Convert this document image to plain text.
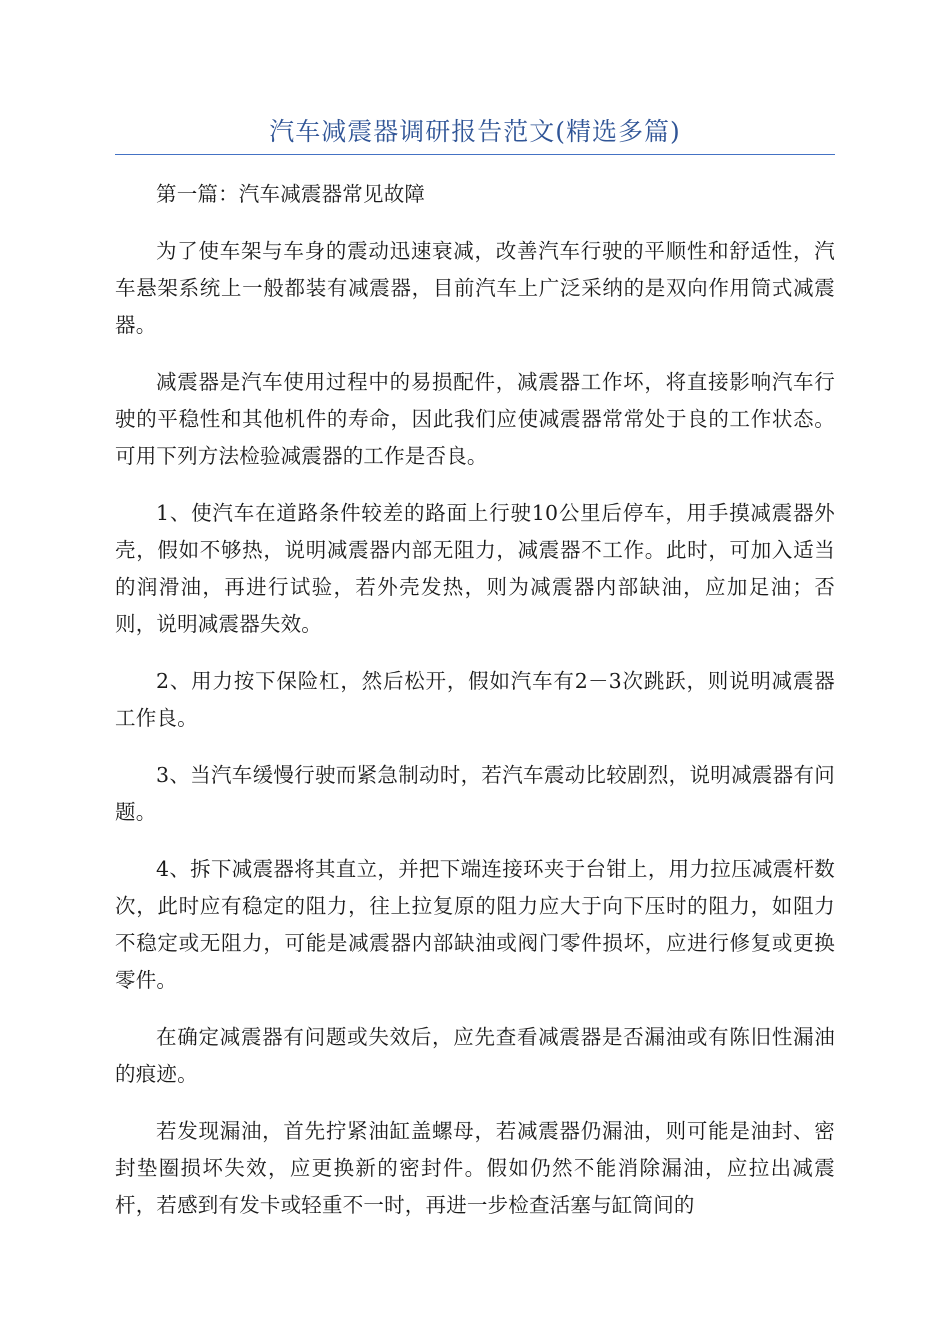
汽车减震器调研报告范文(精选多篇)

第一篇：汽车减震器常见故障

为了使车架与车身的震动迅速衰减，改善汽车行驶的平顺性和舒适性，汽车悬架系统上一般都装有减震器，目前汽车上广泛采纳的是双向作用筒式减震器。

减震器是汽车使用过程中的易损配件，减震器工作坏，将直接影响汽车行驶的平稳性和其他机件的寿命，因此我们应使减震器常常处于良的工作状态。可用下列方法检验减震器的工作是否良。

1、使汽车在道路条件较差的路面上行驶10公里后停车，用手摸减震器外壳，假如不够热，说明减震器内部无阻力，减震器不工作。此时，可加入适当的润滑油，再进行试验，若外壳发热，则为减震器内部缺油，应加足油；否则，说明减震器失效。

2、用力按下保险杠，然后松开，假如汽车有2－3次跳跃，则说明减震器工作良。

3、当汽车缓慢行驶而紧急制动时，若汽车震动比较剧烈，说明减震器有问题。

4、拆下减震器将其直立，并把下端连接环夹于台钳上，用力拉压减震杆数次，此时应有稳定的阻力，往上拉复原的阻力应大于向下压时的阻力，如阻力不稳定或无阻力，可能是减震器内部缺油或阀门零件损坏，应进行修复或更换零件。

在确定减震器有问题或失效后，应先查看减震器是否漏油或有陈旧性漏油的痕迹。

若发现漏油，首先拧紧油缸盖螺母，若减震器仍漏油，则可能是油封、密封垫圈损坏失效，应更换新的密封件。假如仍然不能消除漏油，应拉出减震杆，若感到有发卡或轻重不一时，再进一步检查活塞与缸筒间的
